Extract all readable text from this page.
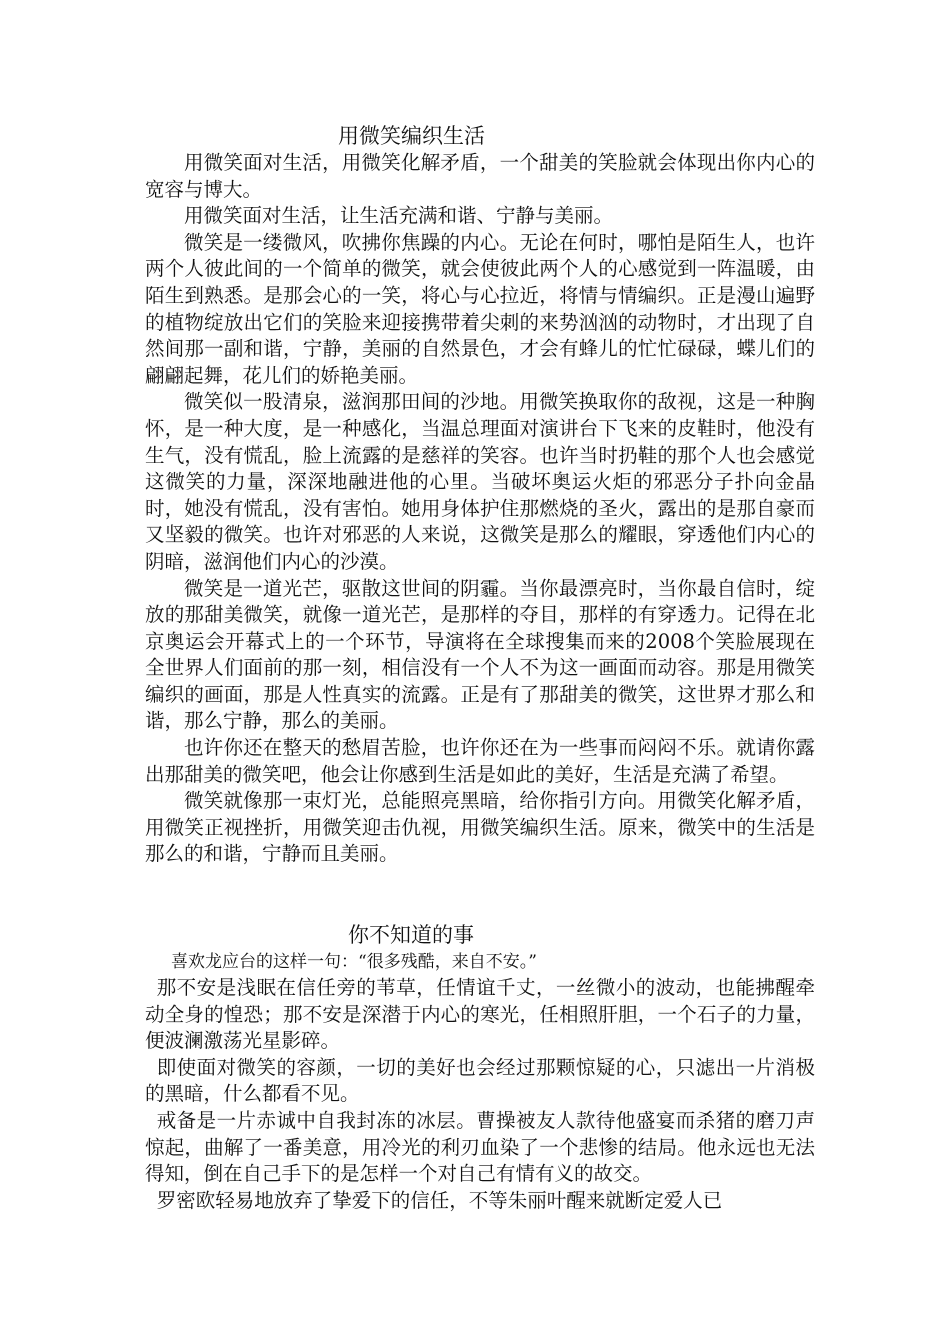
用微笑编织生活

用微笑面对生活，用微笑化解矛盾，一个甜美的笑脸就会体现出你内心的宽容与博大。

用微笑面对生活，让生活充满和谐、宁静与美丽。

微笑是一缕微风，吹拂你焦躁的内心。无论在何时，哪怕是陌生人，也许两个人彼此间的一个简单的微笑，就会使彼此两个人的心感觉到一阵温暖，由陌生到熟悉。是那会心的一笑，将心与心拉近，将情与情编织。正是漫山遍野的植物绽放出它们的笑脸来迎接携带着尖刺的来势汹汹的动物时，才出现了自然间那一副和谐，宁静，美丽的自然景色，才会有蜂儿的忙忙碌碌，蝶儿们的翩翩起舞，花儿们的娇艳美丽。

微笑似一股清泉，滋润那田间的沙地。用微笑换取你的敌视，这是一种胸怀，是一种大度，是一种感化，当温总理面对演讲台下飞来的皮鞋时，他没有生气，没有慌乱，脸上流露的是慈祥的笑容。也许当时扔鞋的那个人也会感觉这微笑的力量，深深地融进他的心里。当破坏奥运火炬的邪恶分子扑向金晶时，她没有慌乱，没有害怕。她用身体护住那燃烧的圣火，露出的是那自豪而又坚毅的微笑。也许对邪恶的人来说，这微笑是那么的耀眼，穿透他们内心的阴暗，滋润他们内心的沙漠。

微笑是一道光芒，驱散这世间的阴霾。当你最漂亮时，当你最自信时，绽放的那甜美微笑，就像一道光芒，是那样的夺目，那样的有穿透力。记得在北京奥运会开幕式上的一个环节，导演将在全球搜集而来的2008个笑脸展现在全世界人们面前的那一刻，相信没有一个人不为这一画面而动容。那是用微笑编织的画面，那是人性真实的流露。正是有了那甜美的微笑，这世界才那么和谐，那么宁静，那么的美丽。

也许你还在整天的愁眉苦脸，也许你还在为一些事而闷闷不乐。就请你露出那甜美的微笑吧，他会让你感到生活是如此的美好，生活是充满了希望。

微笑就像那一束灯光，总能照亮黑暗，给你指引方向。用微笑化解矛盾，用微笑正视挫折，用微笑迎击仇视，用微笑编织生活。原来，微笑中的生活是那么的和谐，宁静而且美丽。

你不知道的事

喜欢龙应台的这样一句：“很多残酷，来自不安。”

那不安是浅眠在信任旁的苇草，任情谊千丈，一丝微小的波动，也能拂醒牵动全身的惶恐；那不安是深潜于内心的寒光，任相照肝胆，一个石子的力量，便波澜激荡光星影碎。

即使面对微笑的容颜，一切的美好也会经过那颗惊疑的心，只滤出一片消极的黑暗，什么都看不见。

戒备是一片赤诚中自我封冻的冰层。曹操被友人款待他盛宴而杀猪的磨刀声惊起，曲解了一番美意，用冷光的利刃血染了一个悲惨的结局。他永远也无法得知，倒在自己手下的是怎样一个对自己有情有义的故交。

罗密欧轻易地放弃了挚爱下的信任，不等朱丽叶醒来就断定爱人已
